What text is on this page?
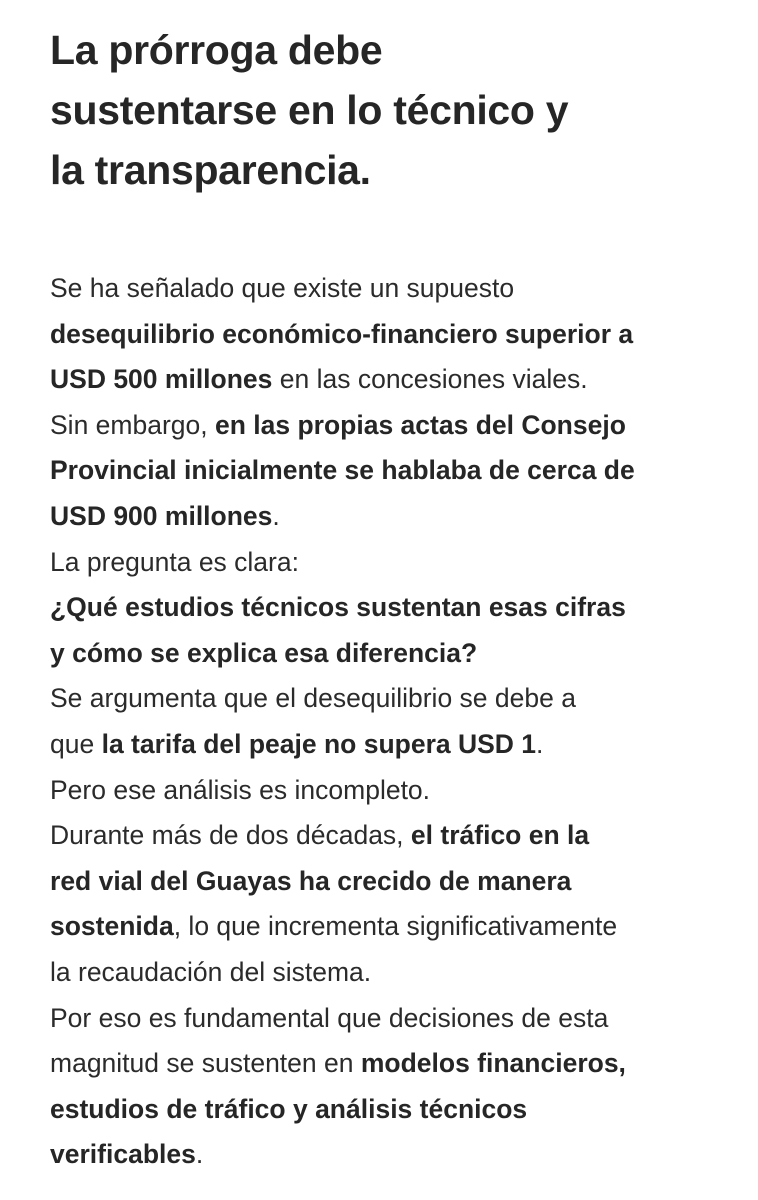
La prórroga debe
sustentarse en lo técnico y
la transparencia.
Se ha señalado que existe un supuesto
desequilibrio económico-financiero superior a
USD 500 millones en las concesiones viales.
Sin embargo, en las propias actas del Consejo
Provincial inicialmente se hablaba de cerca de
USD 900 millones.
La pregunta es clara:
¿Qué estudios técnicos sustentan esas cifras
y cómo se explica esa diferencia?
Se argumenta que el desequilibrio se debe a
que la tarifa del peaje no supera USD 1.
Pero ese análisis es incompleto.
Durante más de dos décadas, el tráfico en la
red vial del Guayas ha crecido de manera
sostenida, lo que incrementa significativamente
la recaudación del sistema.
Por eso es fundamental que decisiones de esta
magnitud se sustenten en modelos financieros,
estudios de tráfico y análisis técnicos
verificables.
